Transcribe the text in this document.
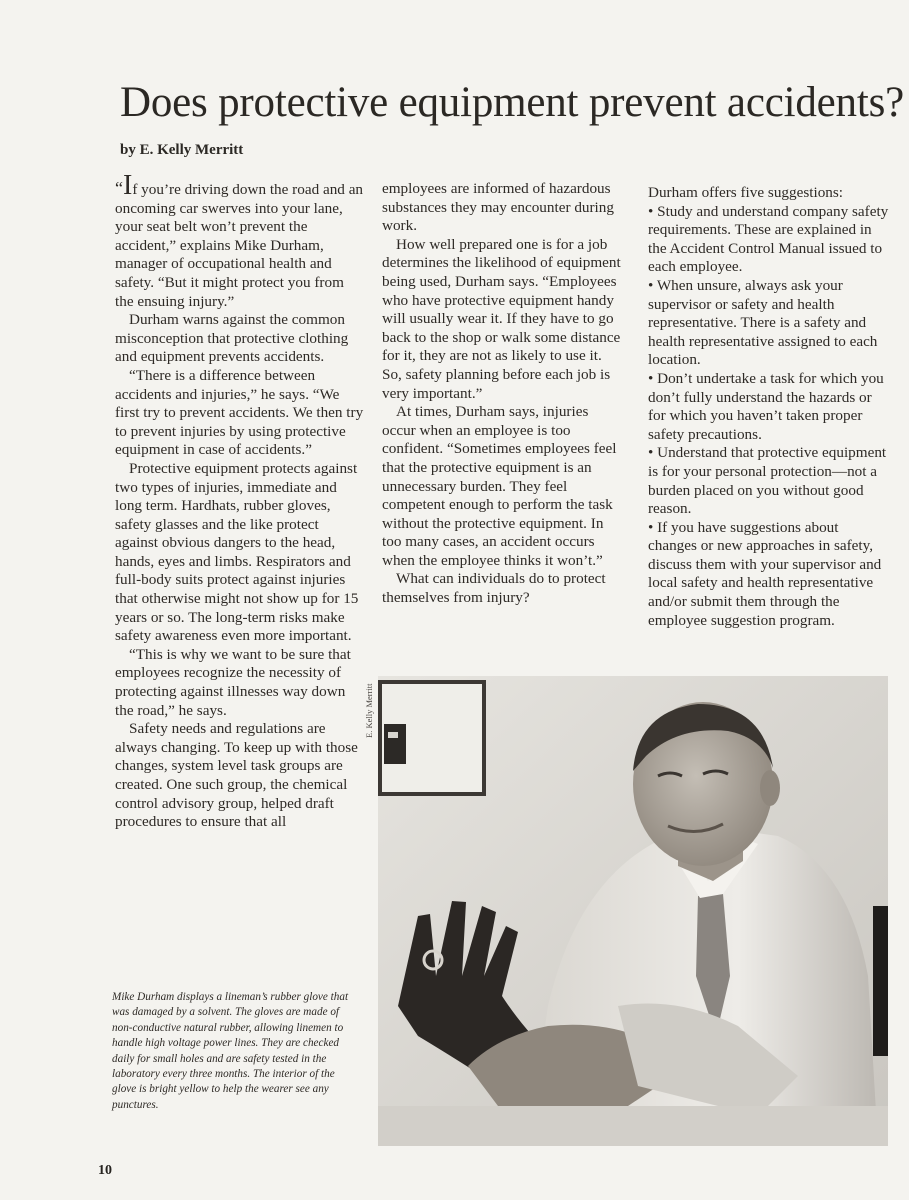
Does protective equipment prevent accidents?
by E. Kelly Merritt

“If you’re driving down the road and an oncoming car swerves into your lane, your seat belt won’t prevent the accident,” explains Mike Durham, manager of occupational health and safety. “But it might protect you from the ensuing injury.”

Durham warns against the common misconception that protective clothing and equipment prevents accidents.

“There is a difference between accidents and injuries,” he says. “We first try to prevent accidents. We then try to prevent injuries by using protective equipment in case of accidents.”

Protective equipment protects against two types of injuries, immediate and long term. Hardhats, rubber gloves, safety glasses and the like protect against obvious dangers to the head, hands, eyes and limbs. Respirators and full-body suits protect against injuries that otherwise might not show up for 15 years or so. The long-term risks make safety awareness even more important.

“This is why we want to be sure that employees recognize the necessity of protecting against illnesses way down the road,” he says.

Safety needs and regulations are always changing. To keep up with those changes, system level task groups are created. One such group, the chemical control advisory group, helped draft procedures to ensure that all

employees are informed of hazardous substances they may encounter during work.

How well prepared one is for a job determines the likelihood of equipment being used, Durham says. “Employees who have protective equipment handy will usually wear it. If they have to go back to the shop or walk some distance for it, they are not as likely to use it. So, safety planning before each job is very important.”

At times, Durham says, injuries occur when an employee is too confident. “Sometimes employees feel that the protective equipment is an unnecessary burden. They feel competent enough to perform the task without the protective equipment. In too many cases, an accident occurs when the employee thinks it won’t.”

What can individuals do to protect themselves from injury?

Durham offers five suggestions:

• Study and understand company safety requirements. These are explained in the Accident Control Manual issued to each employee.

• When unsure, always ask your supervisor or safety and health representative. There is a safety and health representative assigned to each location.

• Don’t undertake a task for which you don’t fully understand the hazards or for which you haven’t taken proper safety precautions.

• Understand that protective equipment is for your personal protection—not a burden placed on you without good reason.

• If you have suggestions about changes or new approaches in safety, discuss them with your supervisor and local safety and health representative and/or submit them through the employee suggestion program.

E. Kelly Merritt
Mike Durham displays a lineman’s rubber glove that was damaged by a solvent. The gloves are made of non-conductive natural rubber, allowing linemen to handle high voltage power lines. They are checked daily for small holes and are safety tested in the laboratory every three months. The interior of the glove is bright yellow to help the wearer see any punctures.
10
